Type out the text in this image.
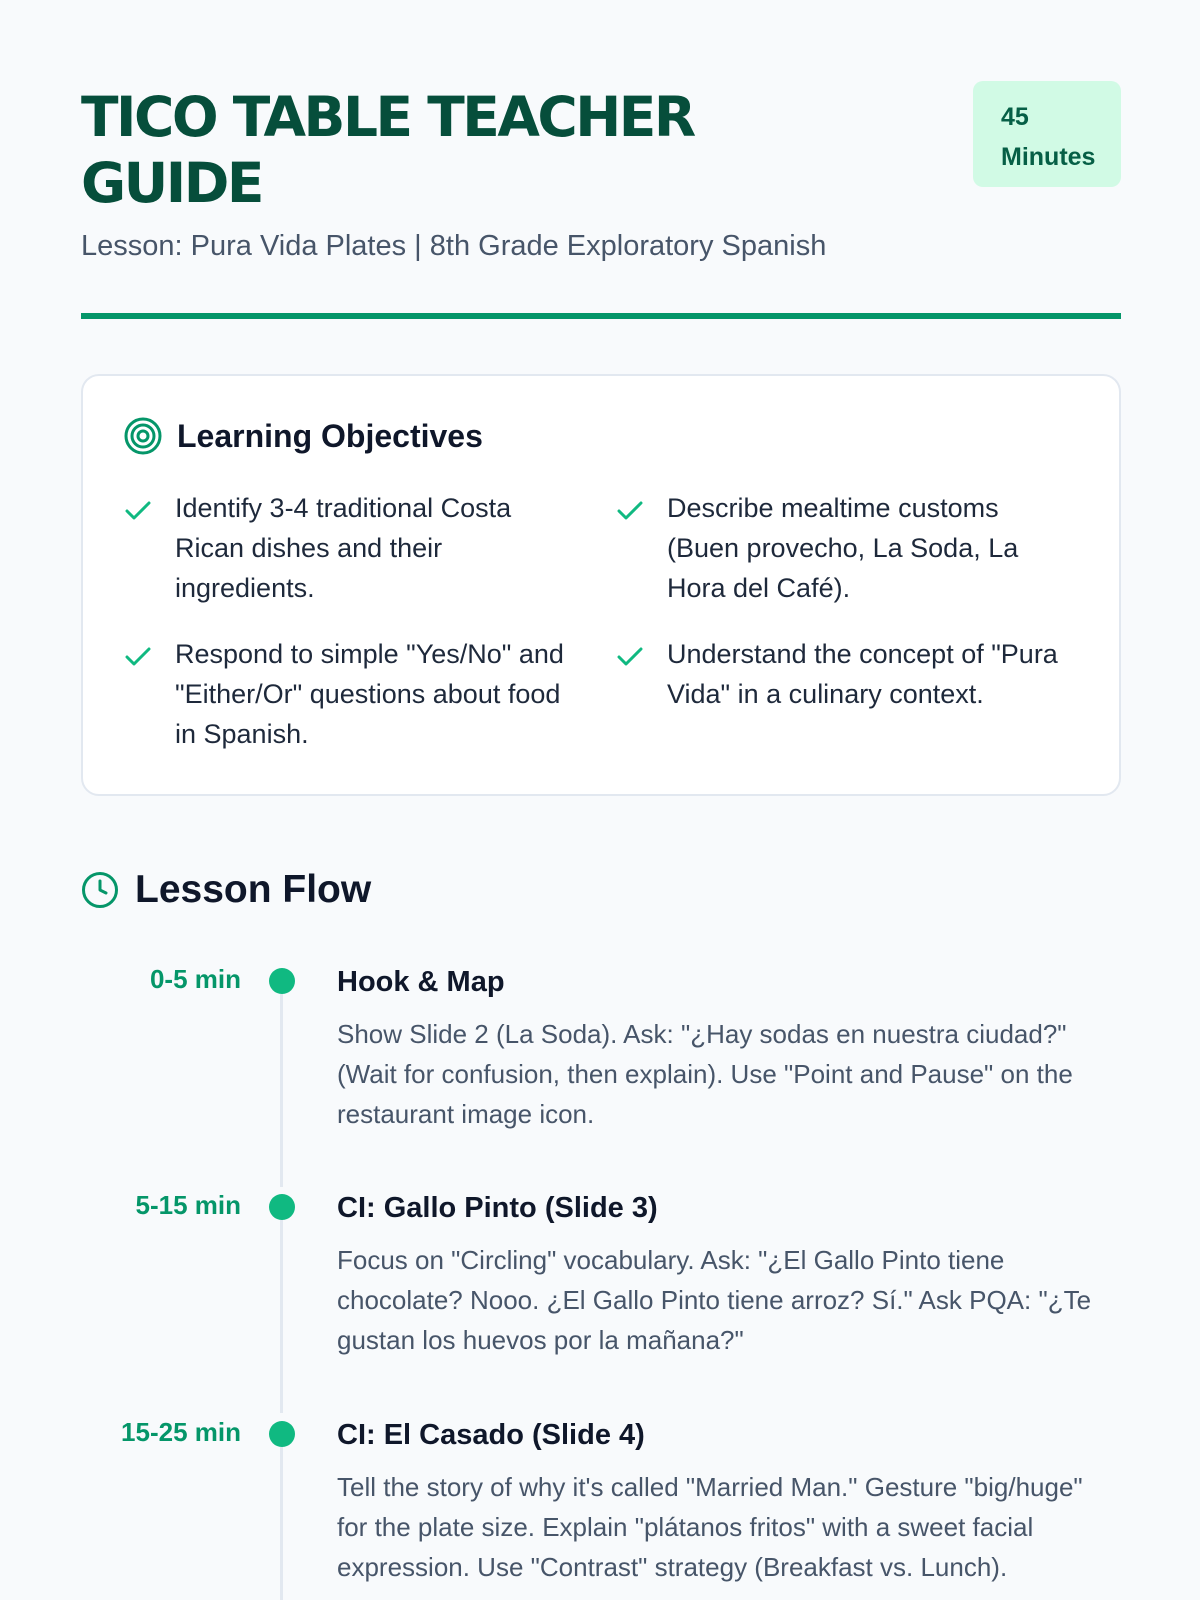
TICO TABLE TEACHER GUIDE
Lesson: Pura Vida Plates | 8th Grade Exploratory Spanish
45 Minutes
Learning Objectives
Identify 3-4 traditional Costa Rican dishes and their ingredients.
Describe mealtime customs (Buen provecho, La Soda, La Hora del Café).
Respond to simple "Yes/No" and "Either/Or" questions about food in Spanish.
Understand the concept of "Pura Vida" in a culinary context.
Lesson Flow
0-5 min	Hook & Map
Show Slide 2 (La Soda). Ask: "¿Hay sodas en nuestra ciudad?" (Wait for confusion, then explain). Use "Point and Pause" on the restaurant image icon.
5-15 min	CI: Gallo Pinto (Slide 3)
Focus on "Circling" vocabulary. Ask: "¿El Gallo Pinto tiene chocolate? Nooo. ¿El Gallo Pinto tiene arroz? Sí." Ask PQA: "¿Te gustan los huevos por la mañana?"
15-25 min	CI: El Casado (Slide 4)
Tell the story of why it's called "Married Man." Gesture "big/huge" for the plate size. Explain "plátanos fritos" with a sweet facial expression. Use "Contrast" strategy (Breakfast vs. Lunch).
